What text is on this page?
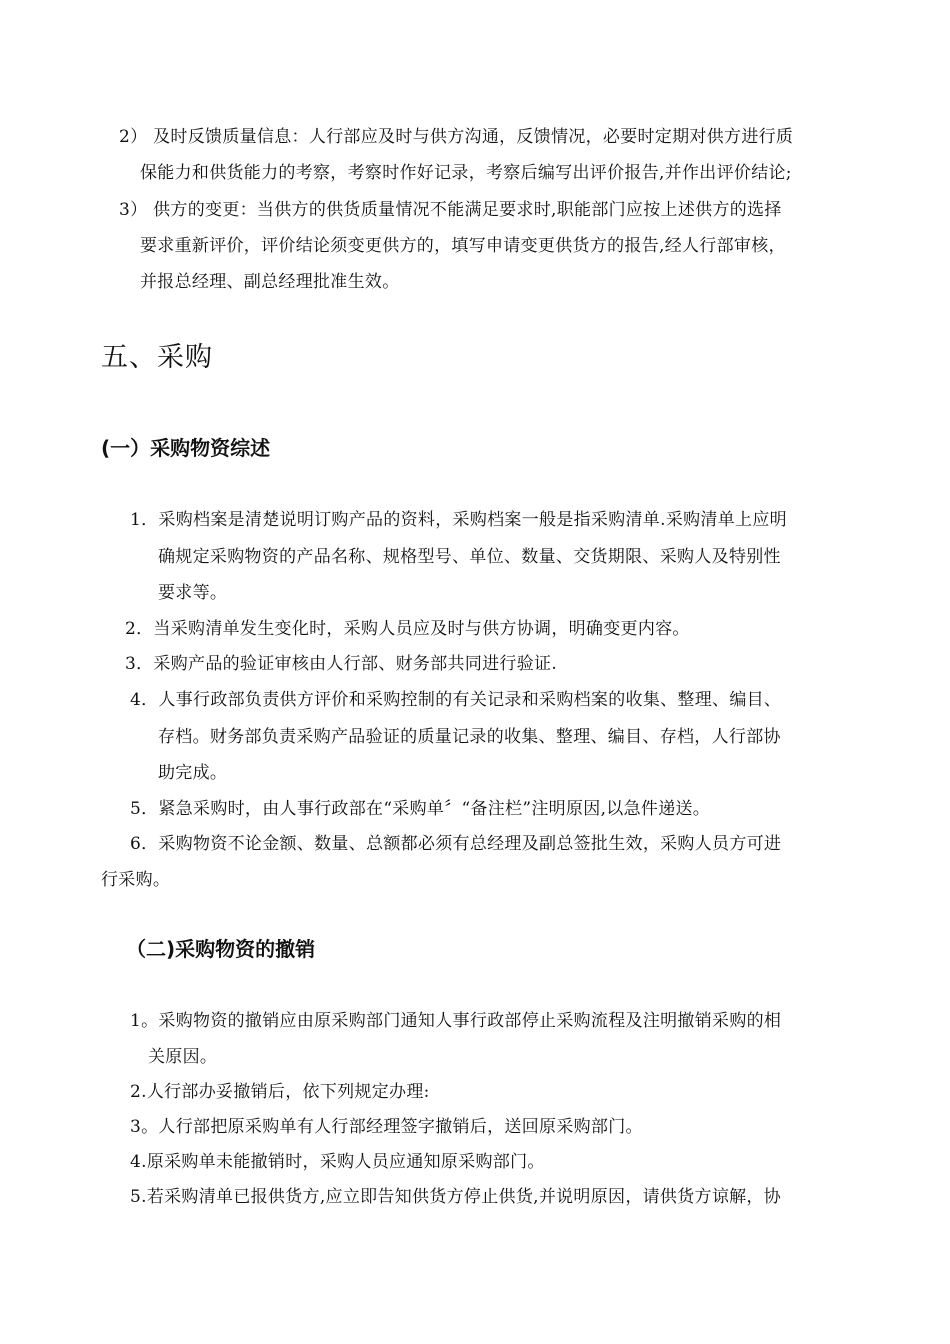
2） 及时反馈质量信息：人行部应及时与供方沟通，反馈情况，必要时定期对供方进行质
保能力和供货能力的考察，考察时作好记录，考察后编写出评价报告,并作出评价结论;
3） 供方的变更：当供方的供货质量情况不能满足要求时,职能部门应按上述供方的选择
要求重新评价，评价结论须变更供方的，填写申请变更供货方的报告,经人行部审核，
并报总经理、副总经理批准生效。
五、采购
(一）采购物资综述
1．采购档案是清楚说明订购产品的资料，采购档案一般是指采购清单.采购清单上应明
确规定采购物资的产品名称、规格型号、单位、数量、交货期限、采购人及特别性
要求等。
2．当采购清单发生变化时，采购人员应及时与供方协调，明确变更内容。
3．采购产品的验证审核由人行部、财务部共同进行验证.
4．人事行政部负责供方评价和采购控制的有关记录和采购档案的收集、整理、编目、
存档。财务部负责采购产品验证的质量记录的收集、整理、编目、存档，人行部协
助完成。
5．紧急采购时，由人事行政部在“采购单〞“备注栏”注明原因,以急件递送。
6．采购物资不论金额、数量、总额都必须有总经理及副总签批生效，采购人员方可进
行采购。
（二)采购物资的撤销
1。采购物资的撤销应由原采购部门通知人事行政部停止采购流程及注明撤销采购的相
关原因。
2.人行部办妥撤销后，依下列规定办理:
3。人行部把原采购单有人行部经理签字撤销后，送回原采购部门。
4.原采购单未能撤销时，采购人员应通知原采购部门。
5.若采购清单已报供货方,应立即告知供货方停止供货,并说明原因，请供货方谅解，协
